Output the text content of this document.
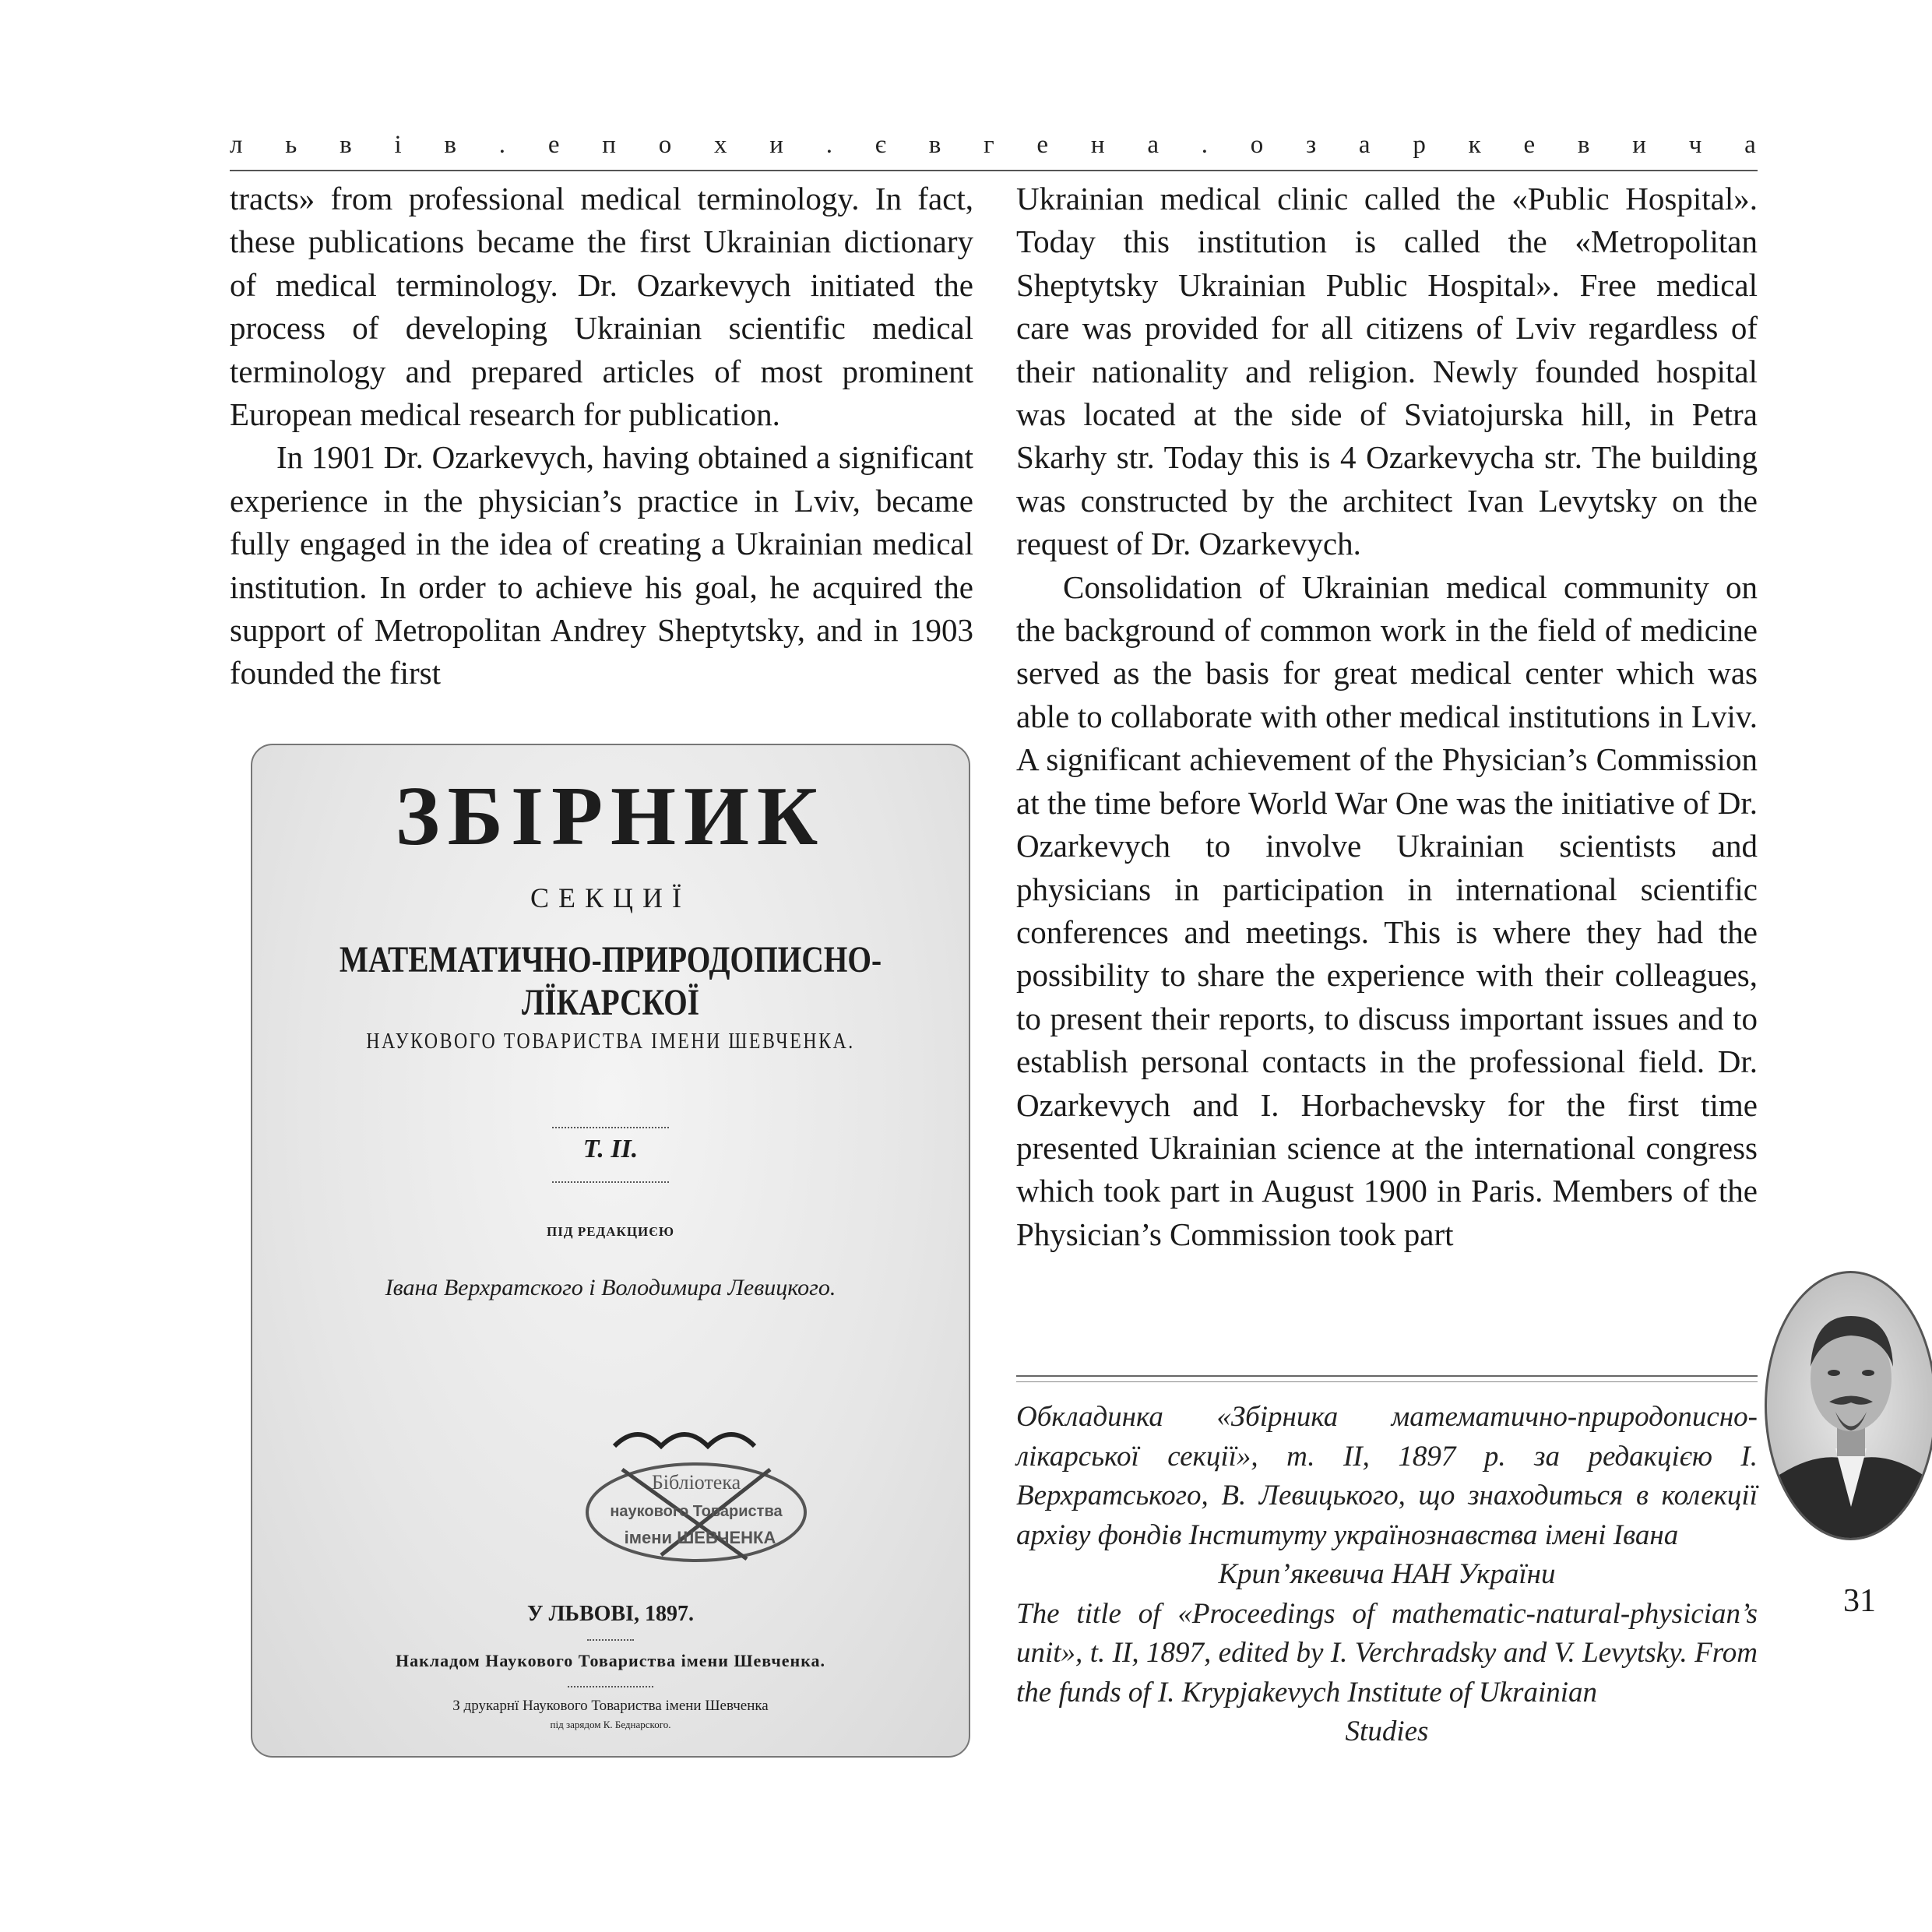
л ь в і в . е п о х и . є в г е н а . о з а р к е в и ч а

tracts» from professional medical terminology. In fact, these publications became the first Ukrainian dictionary of medical terminology. Dr. Ozarkevych initiated the process of developing Ukrainian scientific medical terminology and prepared articles of most prominent European medical research for publication.

In 1901 Dr. Ozarkevych, having obtained a significant experience in the physician’s practice in Lviv, became fully engaged in the idea of creating a Ukrainian medical institution. In order to achieve his goal, he acquired the support of Metropolitan Andrey Sheptytsky, and in 1903 founded the first

Ukrainian medical clinic called the «Public Hospital». Today this institution is called the «Metropolitan Sheptytsky Ukrainian Public Hospital». Free medical care was provided for all citizens of Lviv regardless of their nationality and religion. Newly founded hospital was located at the side of Sviatojurska hill, in Petra Skarhy str. Today this is 4 Ozarkevycha str. The building was constructed by the architect Ivan Levytsky on the request of Dr. Ozarkevych.

Consolidation of Ukrainian medical community on the background of common work in the field of medicine served as the basis for great medical center which was able to collaborate with other medical institutions in Lviv. A significant achievement of the Physician’s Commission at the time before World War One was the initiative of Dr. Ozarkevych to involve Ukrainian scientists and physicians in participation in international scientific conferences and meetings. This is where they had the possibility to share the experience with their colleagues, to present their reports, to discuss important issues and to establish personal contacts in the professional field. Dr. Ozarkevych and I. Horbachevsky for the first time presented Ukrainian science at the international congress which took part in August 1900 in Paris. Members of the Physician’s Commission took part

ЗБІРНИК
СЕКЦИЇ
МАТЕМАТИЧНО-ПРИРОДОПИСНО-ЛЇКАРСКОЇ
НАУКОВОГО ТОВАРИСТВА ІМЕНИ ШЕВЧЕНКА.
Т. II.
ПІД РЕДАКЦИЄЮ
Івана Верхратского і Володимира Левицкого.
Бібліотека
наукового Товариства
імени ШЕВЧЕНКА
У ЛЬВОВІ, 1897.
Накладом Наукового Товариства імени Шевченка.
З друкарнї Наукового Товариства імени Шевченка
під зарядом К. Беднарского.

Обкладинка «Збірника математично-природописно-лікарської секції», т. II, 1897 р. за редакцією І. Верхратського, В. Левицького, що знаходиться в колекції архіву фондів Інституту українознавства імені Івана

Крип’якевича НАН України

The title of «Proceedings of mathematic-natural-physician’s unit», t. II, 1897, edited by I. Verchradsky and V. Levytsky. From the funds of I. Krypjakevych Institute of Ukrainian

Studies

31
